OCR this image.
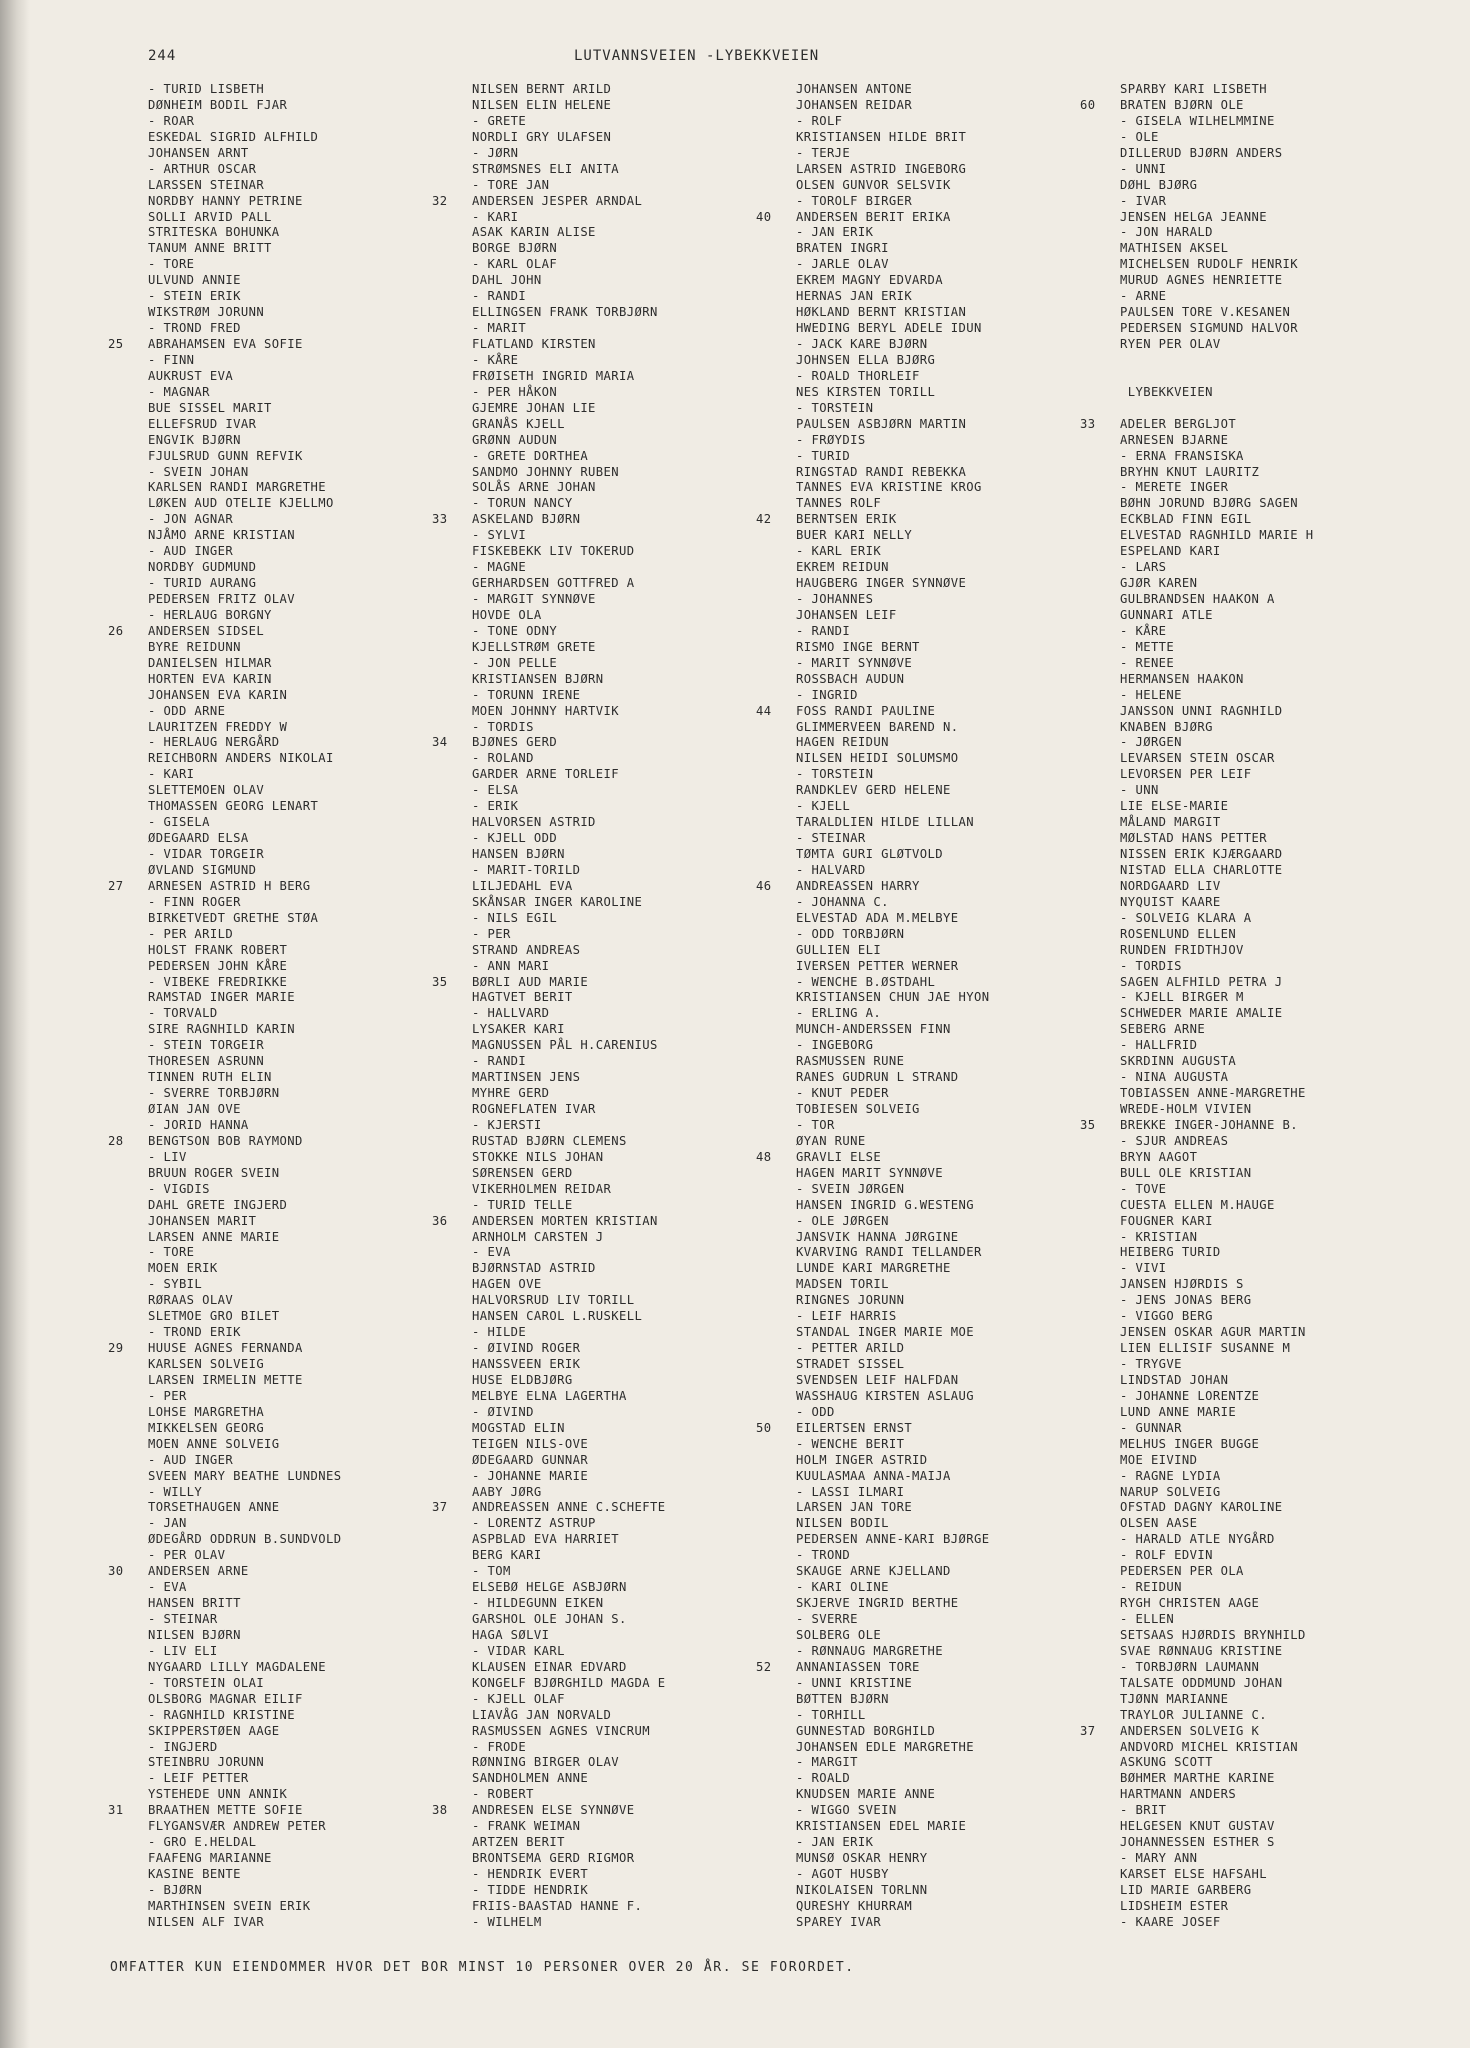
244	LUTVANNSVEIEN -LYBEKKVEIEN
- TURID LISBETH
DØNHEIM BODIL FJAR
- ROAR
ESKEDAL SIGRID ALFHILD
JOHANSEN ARNT
- ARTHUR OSCAR
LARSSEN STEINAR
NORDBY HANNY PETRINE
SOLLI ARVID PALL
STRITESKA BOHUNKA
TANUM ANNE BRITT
- TORE
ULVUND ANNIE
- STEIN ERIK
WIKSTRØM JORUNN
- TROND FRED
25	ABRAHAMSEN EVA SOFIE
- FINN
AUKRUST EVA
- MAGNAR
BUE SISSEL MARIT
ELLEFSRUD IVAR
ENGVIK BJØRN
FJULSRUD GUNN REFVIK
- SVEIN JOHAN
KARLSEN RANDI MARGRETHE
LØKEN AUD OTELIE KJELLMO
- JON AGNAR
NJÅMO ARNE KRISTIAN
- AUD INGER
NORDBY GUDMUND
- TURID AURANG
PEDERSEN FRITZ OLAV
- HERLAUG BORGNY
26	ANDERSEN SIDSEL
BYRE REIDUNN
DANIELSEN HILMAR
HORTEN EVA KARIN
JOHANSEN EVA KARIN
- ODD ARNE
LAURITZEN FREDDY W
- HERLAUG NERGÅRD
REICHBORN ANDERS NIKOLAI
- KARI
SLETTEMOEN OLAV
THOMASSEN GEORG LENART
- GISELA
ØDEGAARD ELSA
- VIDAR TORGEIR
ØVLAND SIGMUND
27	ARNESEN ASTRID H BERG
- FINN ROGER
BIRKETVEDT GRETHE STØA
- PER ARILD
HOLST FRANK ROBERT
PEDERSEN JOHN KÅRE
- VIBEKE FREDRIKKE
RAMSTAD INGER MARIE
- TORVALD
SIRE RAGNHILD KARIN
- STEIN TORGEIR
THORESEN ASRUNN
TINNEN RUTH ELIN
- SVERRE TORBJØRN
ØIAN JAN OVE
- JORID HANNA
28	BENGTSON BOB RAYMOND
- LIV
BRUUN ROGER SVEIN
- VIGDIS
DAHL GRETE INGJERD
JOHANSEN MARIT
LARSEN ANNE MARIE
- TORE
MOEN ERIK
- SYBIL
RØRAAS OLAV
SLETMOE GRO BILET
- TROND ERIK
29	HUUSE AGNES FERNANDA
KARLSEN SOLVEIG
LARSEN IRMELIN METTE
- PER
LOHSE MARGRETHA
MIKKELSEN GEORG
MOEN ANNE SOLVEIG
- AUD INGER
SVEEN MARY BEATHE LUNDNES
- WILLY
TORSETHAUGEN ANNE
- JAN
ØDEGÅRD ODDRUN B.SUNDVOLD
- PER OLAV
30	ANDERSEN ARNE
- EVA
HANSEN BRITT
- STEINAR
NILSEN BJØRN
- LIV ELI
NYGAARD LILLY MAGDALENE
- TORSTEIN OLAI
OLSBORG MAGNAR EILIF
- RAGNHILD KRISTINE
SKIPPERSTØEN AAGE
- INGJERD
STEINBRU JORUNN
- LEIF PETTER
YSTEHEDE UNN ANNIK
31	BRAATHEN METTE SOFIE
FLYGANSVÆR ANDREW PETER
- GRO E.HELDAL
FAAFENG MARIANNE
KASINE BENTE
- BJØRN
MARTHINSEN SVEIN ERIK
NILSEN ALF IVAR
NILSEN BERNT ARILD
NILSEN ELIN HELENE
- GRETE
NORDLI GRY ULAFSEN
- JØRN
STRØMSNES ELI ANITA
- TORE JAN
32	ANDERSEN JESPER ARNDAL
- KARI
ASAK KARIN ALISE
BORGE BJØRN
- KARL OLAF
DAHL JOHN
- RANDI
ELLINGSEN FRANK TORBJØRN
- MARIT
FLATLAND KIRSTEN
- KÅRE
FRØISETH INGRID MARIA
- PER HÅKON
GJEMRE JOHAN LIE
GRANÅS KJELL
GRØNN AUDUN
- GRETE DORTHEA
SANDMO JOHNNY RUBEN
SOLÅS ARNE JOHAN
- TORUN NANCY
33	ASKELAND BJØRN
- SYLVI
FISKEBEKK LIV TOKERUD
- MAGNE
GERHARDSEN GOTTFRED A
- MARGIT SYNNØVE
HOVDE OLA
- TONE ODNY
KJELLSTRØM GRETE
- JON PELLE
KRISTIANSEN BJØRN
- TORUNN IRENE
MOEN JOHNNY HARTVIK
- TORDIS
34	BJØNES GERD
- ROLAND
GARDER ARNE TORLEIF
- ELSA
- ERIK
HALVORSEN ASTRID
- KJELL ODD
HANSEN BJØRN
- MARIT-TORILD
LILJEDAHL EVA
SKÅNSAR INGER KAROLINE
- NILS EGIL
- PER
STRAND ANDREAS
- ANN MARI
35	BØRLI AUD MARIE
HAGTVET BERIT
- HALLVARD
LYSAKER KARI
MAGNUSSEN PÅL H.CARENIUS
- RANDI
MARTINSEN JENS
MYHRE GERD
ROGNEFLATEN IVAR
- KJERSTI
RUSTAD BJØRN CLEMENS
STOKKE NILS JOHAN
SØRENSEN GERD
VIKERHOLMEN REIDAR
- TURID TELLE
36	ANDERSEN MORTEN KRISTIAN
ARNHOLM CARSTEN J
- EVA
BJØRNSTAD ASTRID
HAGEN OVE
HALVORSRUD LIV TORILL
HANSEN CAROL L.RUSKELL
- HILDE
- ØIVIND ROGER
HANSSVEEN ERIK
HUSE ELDBJØRG
MELBYE ELNA LAGERTHA
- ØIVIND
MOGSTAD ELIN
TEIGEN NILS-OVE
ØDEGAARD GUNNAR
- JOHANNE MARIE
AABY JØRG
37	ANDREASSEN ANNE C.SCHEFTE
- LORENTZ ASTRUP
ASPBLAD EVA HARRIET
BERG KARI
- TOM
ELSEBØ HELGE ASBJØRN
- HILDEGUNN EIKEN
GARSHOL OLE JOHAN S.
HAGA SØLVI
- VIDAR KARL
KLAUSEN EINAR EDVARD
KONGELF BJØRGHILD MAGDA E
- KJELL OLAF
LIAVÅG JAN NORVALD
RASMUSSEN AGNES VINCRUM
- FRODE
RØNNING BIRGER OLAV
SANDHOLMEN ANNE
- ROBERT
38	ANDRESEN ELSE SYNNØVE
- FRANK WEIMAN
ARTZEN BERIT
BRONTSEMA GERD RIGMOR
- HENDRIK EVERT
- TIDDE HENDRIK
FRIIS-BAASTAD HANNE F.
- WILHELM
JOHANSEN ANTONE
JOHANSEN REIDAR
- ROLF
KRISTIANSEN HILDE BRIT
- TERJE
LARSEN ASTRID INGEBORG
OLSEN GUNVOR SELSVIK
- TOROLF BIRGER
40	ANDERSEN BERIT ERIKA
- JAN ERIK
BRATEN INGRI
- JARLE OLAV
EKREM MAGNY EDVARDA
HERNAS JAN ERIK
HØKLAND BERNT KRISTIAN
HWEDING BERYL ADELE IDUN
- JACK KARE BJØRN
JOHNSEN ELLA BJØRG
- ROALD THORLEIF
NES KIRSTEN TORILL
- TORSTEIN
PAULSEN ASBJØRN MARTIN
- FRØYDIS
- TURID
RINGSTAD RANDI REBEKKA
TANNES EVA KRISTINE KROG
TANNES ROLF
42	BERNTSEN ERIK
BUER KARI NELLY
- KARL ERIK
EKREM REIDUN
HAUGBERG INGER SYNNØVE
- JOHANNES
JOHANSEN LEIF
- RANDI
RISMO INGE BERNT
- MARIT SYNNØVE
ROSSBACH AUDUN
- INGRID
44	FOSS RANDI PAULINE
GLIMMERVEEN BAREND N.
HAGEN REIDUN
NILSEN HEIDI SOLUMSMO
- TORSTEIN
RANDKLEV GERD HELENE
- KJELL
TARALDLIEN HILDE LILLAN
- STEINAR
TØMTA GURI GLØTVOLD
- HALVARD
46	ANDREASSEN HARRY
- JOHANNA C.
ELVESTAD ADA M.MELBYE
- ODD TORBJØRN
GULLIEN ELI
IVERSEN PETTER WERNER
- WENCHE B.ØSTDAHL
KRISTIANSEN CHUN JAE HYON
- ERLING A.
MUNCH-ANDERSSEN FINN
- INGEBORG
RASMUSSEN RUNE
RANES GUDRUN L STRAND
- KNUT PEDER
TOBIESEN SOLVEIG
- TOR
ØYAN RUNE
48	GRAVLI ELSE
HAGEN MARIT SYNNØVE
- SVEIN JØRGEN
HANSEN INGRID G.WESTENG
- OLE JØRGEN
JANSVIK HANNA JØRGINE
KVARVING RANDI TELLANDER
LUNDE KARI MARGRETHE
MADSEN TORIL
RINGNES JORUNN
- LEIF HARRIS
STANDAL INGER MARIE MOE
- PETTER ARILD
STRADET SISSEL
SVENDSEN LEIF HALFDAN
WASSHAUG KIRSTEN ASLAUG
- ODD
50	EILERTSEN ERNST
- WENCHE BERIT
HOLM INGER ASTRID
KUULASMAA ANNA-MAIJA
- LASSI ILMARI
LARSEN JAN TORE
NILSEN BODIL
PEDERSEN ANNE-KARI BJØRGE
- TROND
SKAUGE ARNE KJELLAND
- KARI OLINE
SKJERVE INGRID BERTHE
- SVERRE
SOLBERG OLE
- RØNNAUG MARGRETHE
52	ANNANIASSEN TORE
- UNNI KRISTINE
BØTTEN BJØRN
- TORHILL
GUNNESTAD BORGHILD
JOHANSEN EDLE MARGRETHE
- MARGIT
- ROALD
KNUDSEN MARIE ANNE
- WIGGO SVEIN
KRISTIANSEN EDEL MARIE
- JAN ERIK
MUNSØ OSKAR HENRY
- AGOT HUSBY
NIKOLAISEN TORLNN
QURESHY KHURRAM
SPAREY IVAR
SPARBY KARI LISBETH
60	BRATEN BJØRN OLE
- GISELA WILHELMMINE
- OLE
DILLERUD BJØRN ANDERS
- UNNI
DØHL BJØRG
- IVAR
JENSEN HELGA JEANNE
- JON HARALD
MATHISEN AKSEL
MICHELSEN RUDOLF HENRIK
MURUD AGNES HENRIETTE
- ARNE
PAULSEN TORE V.KESANEN
PEDERSEN SIGMUND HALVOR
RYEN PER OLAV
LYBEKKVEIEN
33	ADELER BERGLJOT
ARNESEN BJARNE
- ERNA FRANSISKA
BRYHN KNUT LAURITZ
- MERETE INGER
BØHN JORUND BJØRG SAGEN
ECKBLAD FINN EGIL
ELVESTAD RAGNHILD MARIE H
ESPELAND KARI
- LARS
GJØR KAREN
GULBRANDSEN HAAKON A
GUNNARI ATLE
- KÅRE
- METTE
- RENEE
HERMANSEN HAAKON
- HELENE
JANSSON UNNI RAGNHILD
KNABEN BJØRG
- JØRGEN
LEVARSEN STEIN OSCAR
LEVORSEN PER LEIF
- UNN
LIE ELSE-MARIE
MÅLAND MARGIT
MØLSTAD HANS PETTER
NISSEN ERIK KJÆRGAARD
NISTAD ELLA CHARLOTTE
NORDGAARD LIV
NYQUIST KAARE
- SOLVEIG KLARA A
ROSENLUND ELLEN
RUNDEN FRIDTHJOV
- TORDIS
SAGEN ALFHILD PETRA J
- KJELL BIRGER M
SCHWEDER MARIE AMALIE
SEBERG ARNE
- HALLFRID
SKRDINN AUGUSTA
- NINA AUGUSTA
TOBIASSEN ANNE-MARGRETHE
WREDE-HOLM VIVIEN
35	BREKKE INGER-JOHANNE B.
- SJUR ANDREAS
BRYN AAGOT
BULL OLE KRISTIAN
- TOVE
CUESTA ELLEN M.HAUGE
FOUGNER KARI
- KRISTIAN
HEIBERG TURID
- VIVI
JANSEN HJØRDIS S
- JENS JONAS BERG
- VIGGO BERG
JENSEN OSKAR AGUR MARTIN
LIEN ELLISIF SUSANNE M
- TRYGVE
LINDSTAD JOHAN
- JOHANNE LORENTZE
LUND ANNE MARIE
- GUNNAR
MELHUS INGER BUGGE
MOE EIVIND
- RAGNE LYDIA
NARUP SOLVEIG
OFSTAD DAGNY KAROLINE
OLSEN AASE
- HARALD ATLE NYGÅRD
- ROLF EDVIN
PEDERSEN PER OLA
- REIDUN
RYGH CHRISTEN AAGE
- ELLEN
SETSAAS HJØRDIS BRYNHILD
SVAE RØNNAUG KRISTINE
- TORBJØRN LAUMANN
TALSATE ODDMUND JOHAN
TJØNN MARIANNE
TRAYLOR JULIANNE C.
37	ANDERSEN SOLVEIG K
ANDVORD MICHEL KRISTIAN
ASKUNG SCOTT
BØHMER MARTHE KARINE
HARTMANN ANDERS
- BRIT
HELGESEN KNUT GUSTAV
JOHANNESSEN ESTHER S
- MARY ANN
KARSET ELSE HAFSAHL
LID MARIE GARBERG
LIDSHEIM ESTER
- KAARE JOSEF
OMFATTER KUN EIENDOMMER HVOR DET BOR MINST 10 PERSONER OVER 20 ÅR. SE FORORDET.
